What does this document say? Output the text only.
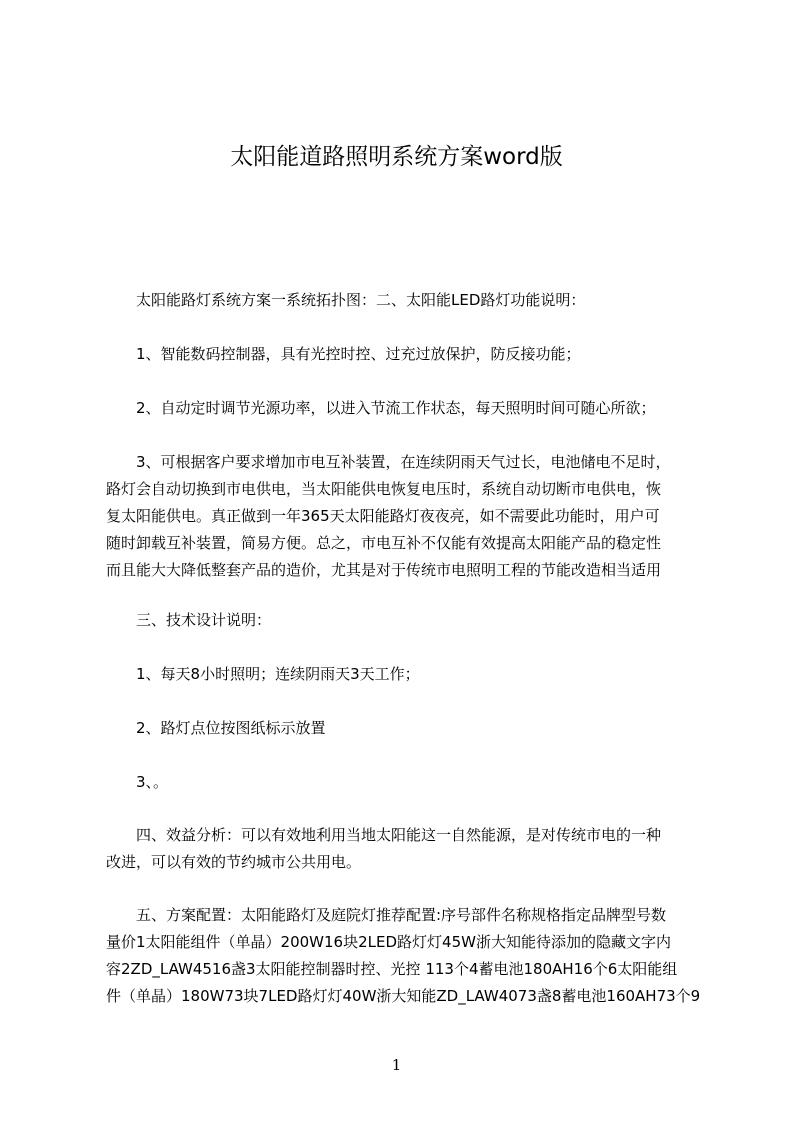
太阳能道路照明系统方案word版
太阳能路灯系统方案一系统拓扑图：二、太阳能LED路灯功能说明：
1、智能数码控制器，具有光控时控、过充过放保护，防反接功能；
2、自动定时调节光源功率，以进入节流工作状态，每天照明时间可随心所欲；
3、可根据客户要求增加市电互补装置，在连续阴雨天气过长，电池储电不足时，
路灯会自动切换到市电供电，当太阳能供电恢复电压时，系统自动切断市电供电，恢
复太阳能供电。真正做到一年365天太阳能路灯夜夜亮，如不需要此功能时，用户可
随时卸载互补装置，简易方便。总之，市电互补不仅能有效提高太阳能产品的稳定性
而且能大大降低整套产品的造价，尤其是对于传统市电照明工程的节能改造相当适用
三、技术设计说明：
1、每天8小时照明；连续阴雨天3天工作；
2、路灯点位按图纸标示放置
3、。
四、效益分析：可以有效地利用当地太阳能这一自然能源，是对传统市电的一种
改进，可以有效的节约城市公共用电。
五、方案配置：太阳能路灯及庭院灯推荐配置:序号部件名称规格指定品牌型号数
量价1太阳能组件（单晶）200W16块2LED路灯灯45W浙大知能待添加的隐藏文字内
容2ZD_LAW4516盏3太阳能控制器时控、光控 113个4蓄电池180AH16个6太阳能组
件（单晶）180W73块7LED路灯灯40W浙大知能ZD_LAW4073盏8蓄电池160AH73个9
1
